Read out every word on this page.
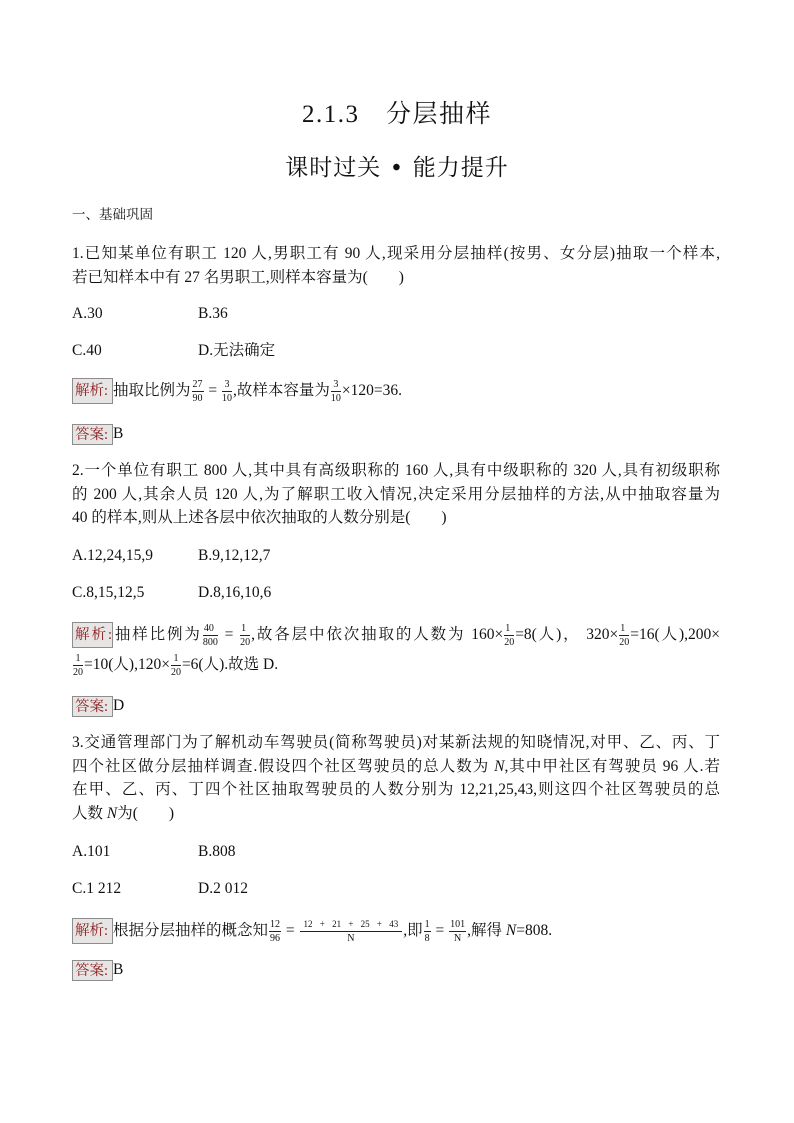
2.1.3　分层抽样
课时过关 • 能力提升
一、基础巩固
1.已知某单位有职工 120 人,男职工有 90 人,现采用分层抽样(按男、女分层)抽取一个样本,
若已知样本中有 27 名男职工,则样本容量为(　　)
A.30	B.36
C.40	D.无法确定
解析: 抽取比例为 $\frac{27}{90} = \frac{3}{10}$ ,故样本容量为 $\frac{3}{10} \times 120=36$.
答案: B
2.一个单位有职工 800 人,其中具有高级职称的 160 人,具有中级职称的 320 人,具有初级职称
的 200 人,其余人员 120 人,为了解职工收入情况,决定采用分层抽样的方法,从中抽取容量为
40 的样本,则从上述各层中依次抽取的人数分别是(　　)
A.12,24,15,9	B.9,12,12,7
C.8,15,12,5	D.8,16,10,6
解析:抽样比例为 $\frac{40}{800} = \frac{1}{20}$ ,故各层中依次抽取的人数为 $160\times \frac{1}{20} =8$(人)， $320\times \frac{1}{20} =16$(人),200×
$\frac{1}{20} =10$(人)$,120\times \frac{1}{20} =6$(人).故选 D.
答案: D
3.交通管理部门为了解机动车驾驶员(简称驾驶员)对某新法规的知晓情况,对甲、乙、丙、丁
四个社区做分层抽样调查.假设四个社区驾驶员的总人数为 N,其中甲社区有驾驶员 96 人.若
在甲、乙、丙、丁四个社区抽取驾驶员的人数分别为 12,21,25,43,则这四个社区驾驶员的总
人数 N为(　　)
A.101	B.808
C.1 212	D.2 012
解析: 根据分层抽样的概念知 $\frac{12}{96} = \frac{12 + 21 + 25 + 43}{N}$ ,即 $\frac{1}{8} = \frac{101}{N}$ ,解得 N=808.
答案: B
